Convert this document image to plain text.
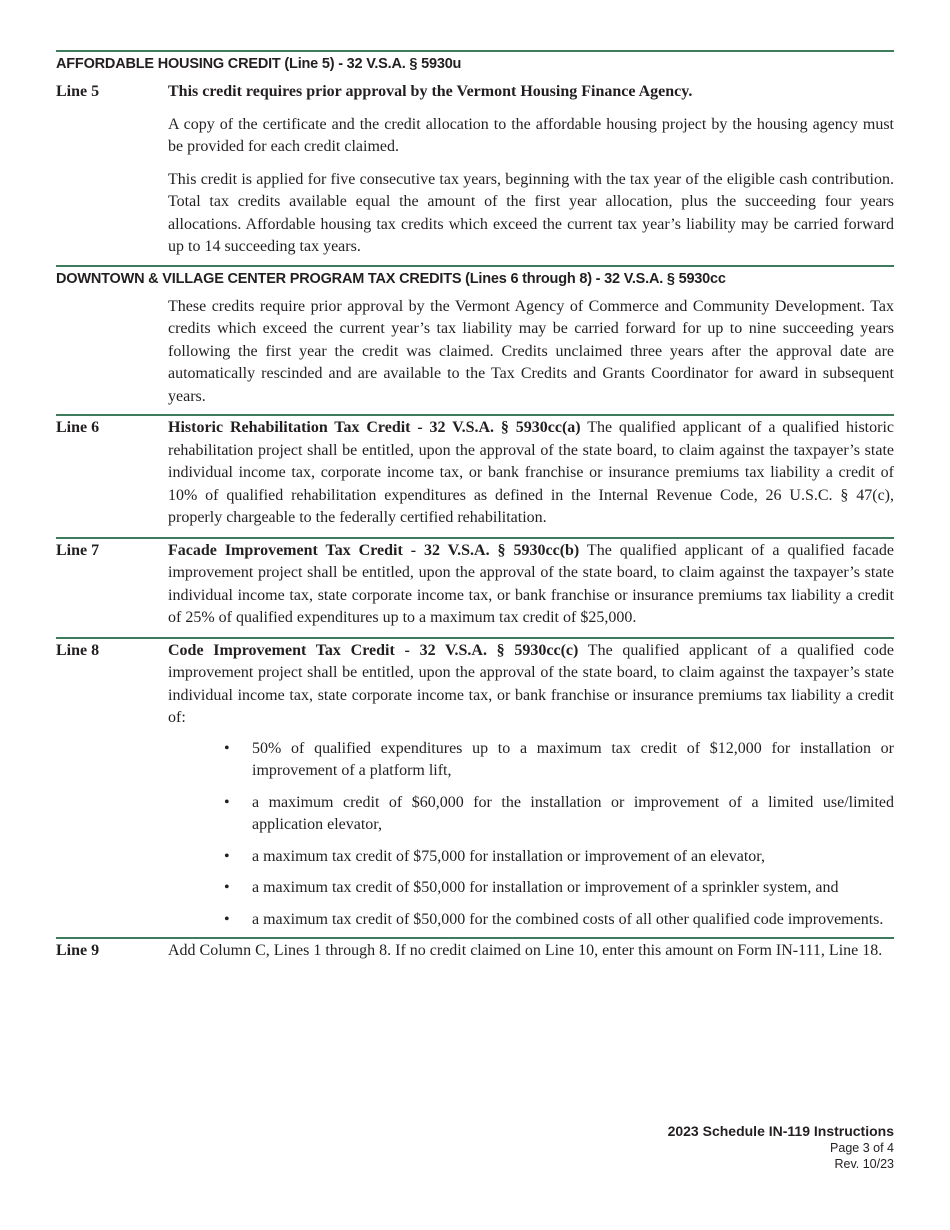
AFFORDABLE HOUSING CREDIT (Line 5) - 32 V.S.A. § 5930u
Line 5	This credit requires prior approval by the Vermont Housing Finance Agency.

A copy of the certificate and the credit allocation to the affordable housing project by the housing agency must be provided for each credit claimed.

This credit is applied for five consecutive tax years, beginning with the tax year of the eligible cash contribution. Total tax credits available equal the amount of the first year allocation, plus the succeeding four years allocations. Affordable housing tax credits which exceed the current tax year’s liability may be carried forward up to 14 succeeding tax years.

DOWNTOWN & VILLAGE CENTER PROGRAM TAX CREDITS (Lines 6 through 8) - 32 V.S.A. § 5930cc

These credits require prior approval by the Vermont Agency of Commerce and Community Development. Tax credits which exceed the current year’s tax liability may be carried forward for up to nine succeeding years following the first year the credit was claimed. Credits unclaimed three years after the approval date are automatically rescinded and are available to the Tax Credits and Grants Coordinator for award in subsequent years.

Line 6	Historic Rehabilitation Tax Credit - 32 V.S.A. § 5930cc(a) The qualified applicant of a qualified historic rehabilitation project shall be entitled, upon the approval of the state board, to claim against the taxpayer’s state individual income tax, corporate income tax, or bank franchise or insurance premiums tax liability a credit of 10% of qualified rehabilitation expenditures as defined in the Internal Revenue Code, 26 U.S.C. § 47(c), properly chargeable to the federally certified rehabilitation.

Line 7	Facade Improvement Tax Credit - 32 V.S.A. § 5930cc(b) The qualified applicant of a qualified facade improvement project shall be entitled, upon the approval of the state board, to claim against the taxpayer’s state individual income tax, state corporate income tax, or bank franchise or insurance premiums tax liability a credit of 25% of qualified expenditures up to a maximum tax credit of $25,000.

Line 8	Code Improvement Tax Credit - 32 V.S.A. § 5930cc(c) The qualified applicant of a qualified code improvement project shall be entitled, upon the approval of the state board, to claim against the taxpayer’s state individual income tax, state corporate income tax, or bank franchise or insurance premiums tax liability a credit of:

•	50% of qualified expenditures up to a maximum tax credit of $12,000 for installation or improvement of a platform lift,
•	a maximum credit of $60,000 for the installation or improvement of a limited use/limited application elevator,
•	a maximum tax credit of $75,000 for installation or improvement of an elevator,
•	a maximum tax credit of $50,000 for installation or improvement of a sprinkler system, and
•	a maximum tax credit of $50,000 for the combined costs of all other qualified code improvements.
Line 9	Add Column C, Lines 1 through 8. If no credit claimed on Line 10, enter this amount on Form IN-111, Line 18.

2023 Schedule IN-119 Instructions
Page 3 of 4
Rev. 10/23
